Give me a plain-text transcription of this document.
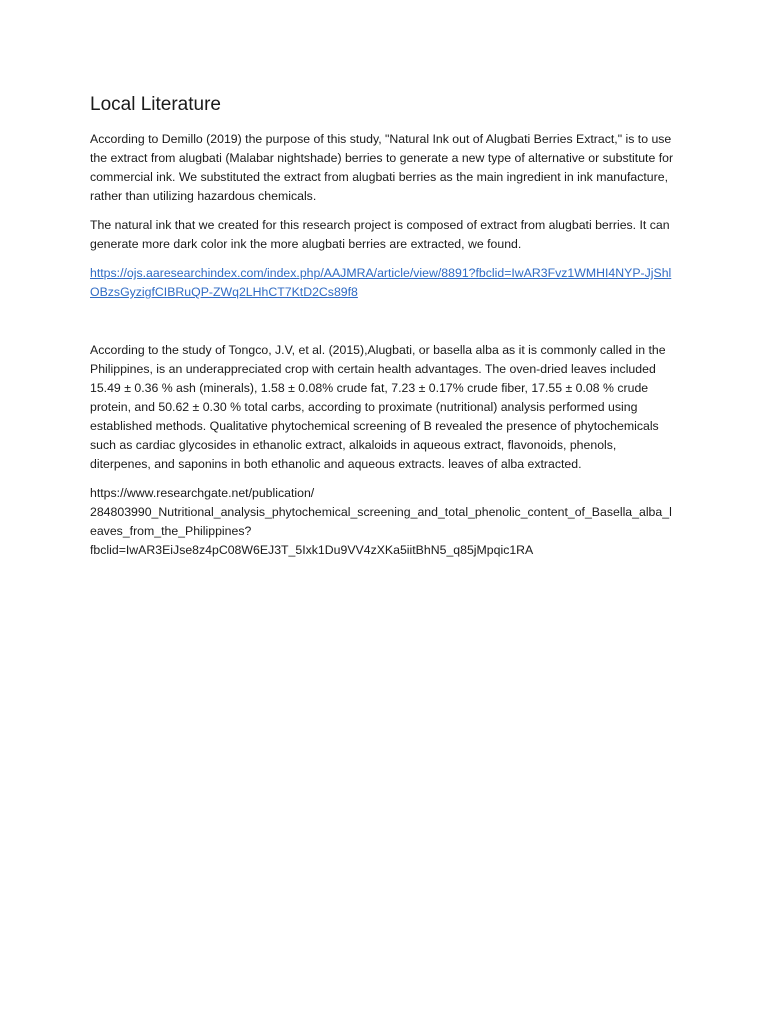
Local Literature

According to Demillo (2019) the purpose of this study, "Natural Ink out of Alugbati Berries Extract," is to use the extract from alugbati (Malabar nightshade) berries to generate a new type of alternative or substitute for commercial ink. We substituted the extract from alugbati berries as the main ingredient in ink manufacture, rather than utilizing hazardous chemicals.

The natural ink that we created for this research project is composed of extract from alugbati berries. It can generate more dark color ink the more alugbati berries are extracted, we found.

https://ojs.aaresearchindex.com/index.php/AAJMRA/article/view/8891?fbclid=IwAR3Fvz1WMHI4NYP-JjShlOBzsGyzigfCIBRuQP-ZWq2LHhCT7KtD2Cs89f8

According to the study of Tongco, J.V, et al. (2015),Alugbati, or basella alba as it is commonly called in the Philippines, is an underappreciated crop with certain health advantages. The oven-dried leaves included 15.49 ± 0.36 % ash (minerals), 1.58 ± 0.08% crude fat, 7.23 ± 0.17% crude fiber, 17.55 ± 0.08 % crude protein, and 50.62 ± 0.30 % total carbs, according to proximate (nutritional) analysis performed using established methods. Qualitative phytochemical screening of B revealed the presence of phytochemicals such as cardiac glycosides in ethanolic extract, alkaloids in aqueous extract, flavonoids, phenols, diterpenes, and saponins in both ethanolic and aqueous extracts. leaves of alba extracted.

https://www.researchgate.net/publication/
284803990_Nutritional_analysis_phytochemical_screening_and_total_phenolic_content_of_Basella_alba_leaves_from_the_Philippines?
fbclid=IwAR3EiJse8z4pC08W6EJ3T_5Ixk1Du9VV4zXKa5iitBhN5_q85jMpqic1RA
